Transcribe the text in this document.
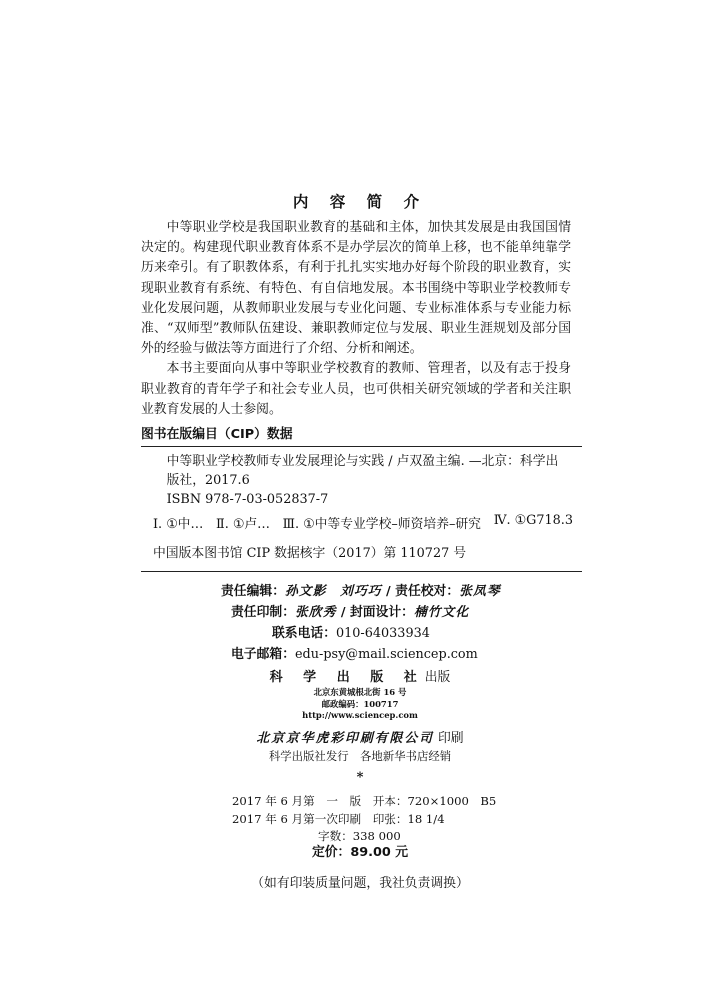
内 容 简 介

中等职业学校是我国职业教育的基础和主体，加快其发展是由我国国情决定的。构建现代职业教育体系不是办学层次的简单上移，也不能单纯靠学历来牵引。有了职教体系，有利于扎扎实实地办好每个阶段的职业教育，实现职业教育有系统、有特色、有自信地发展。本书围绕中等职业学校教师专业化发展问题，从教师职业发展与专业化问题、专业标准体系与专业能力标准、“双师型”教师队伍建设、兼职教师定位与发展、职业生涯规划及部分国外的经验与做法等方面进行了介绍、分析和阐述。

本书主要面向从事中等职业学校教育的教师、管理者，以及有志于投身职业教育的青年学子和社会专业人员，也可供相关研究领域的学者和关注职业教育发展的人士参阅。

图书在版编目（CIP）数据
中等职业学校教师专业发展理论与实践 / 卢双盈主编. —北京：科学出
版社，2017.6
ISBN 978-7-03-052837-7
Ⅰ. ①中… Ⅱ. ①卢… Ⅲ. ①中等专业学校–师资培养–研究 Ⅳ. ①G718.3
中国版本图书馆 CIP 数据核字（2017）第 110727 号
责任编辑：孙文影　刘巧巧 / 责任校对：张凤琴
责任印制：张欣秀 / 封面设计：楠竹文化
联系电话：010-64033934
电子邮箱：edu-psy@mail.sciencep.com
科 学 出 版 社出版
北京东黄城根北街 16 号
邮政编码：100717
http://www.sciencep.com
北京京华虎彩印刷有限公司 印刷
科学出版社发行　各地新华书店经销
*
2017 年 6 月第　一　版　开本：720×1000　B5
2017 年 6 月第一次印刷　印张：18 1/4
字数：338 000
定价：89.00 元
（如有印装质量问题，我社负责调换）
